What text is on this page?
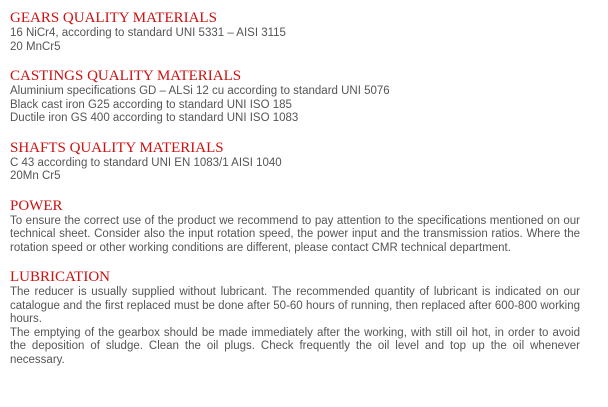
GEARS QUALITY MATERIALS

16 NiCr4, according to standard UNI 5331 – AISI 3115

20 MnCr5

CASTINGS QUALITY MATERIALS

Aluminium specifications GD – ALSi 12 cu according to standard UNI 5076

Black cast iron G25 according to standard UNI ISO 185

Ductile iron GS 400 according to standard UNI ISO 1083

SHAFTS QUALITY MATERIALS

C 43 according to standard UNI EN 1083/1 AISI 1040

20Mn Cr5

POWER

To ensure the correct use of the product we recommend to pay attention to the specifications mentioned on our technical sheet. Consider also the input rotation speed, the power input and the transmission ratios. Where the rotation speed or other working conditions are different, please contact CMR technical department.

LUBRICATION

The reducer is usually supplied without lubricant. The recommended quantity of lubricant is indicated on our catalogue and the first replaced must be done after 50-60 hours of running, then replaced after 600-800 working hours.

The emptying of the gearbox should be made immediately after the working, with still oil hot, in order to avoid the deposition of sludge. Clean the oil plugs. Check frequently the oil level and top up the oil whenever necessary.
